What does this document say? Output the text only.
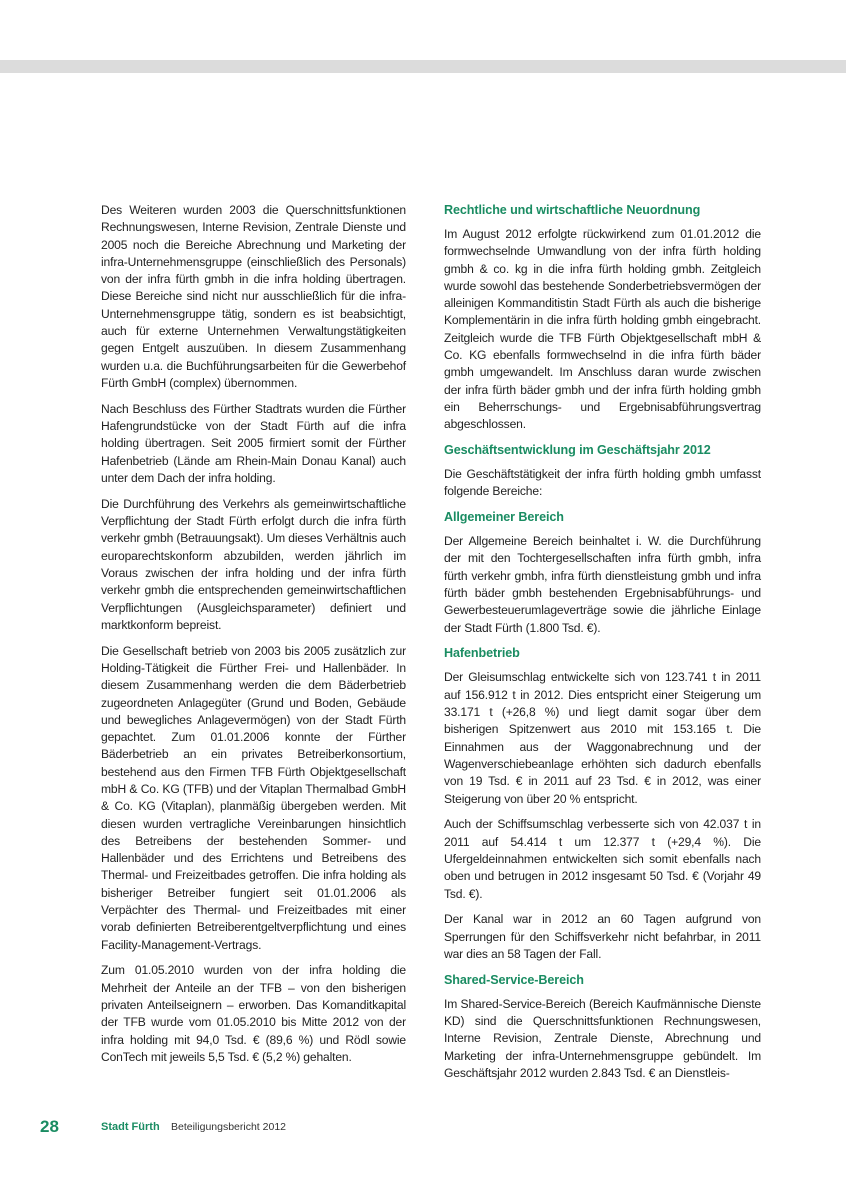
Des Weiteren wurden 2003 die Querschnittsfunktionen Rechnungswesen, Interne Revision, Zentrale Dienste und 2005 noch die Bereiche Abrechnung und Marketing der infra-Unternehmensgruppe (einschließlich des Personals) von der infra fürth gmbh in die infra holding übertragen. Diese Bereiche sind nicht nur ausschließlich für die infra-Unternehmensgruppe tätig, sondern es ist beabsichtigt, auch für externe Unternehmen Verwaltungstätigkeiten gegen Entgelt auszuüben. In diesem Zusammenhang wurden u.a. die Buchführungsarbeiten für die Gewerbehof Fürth GmbH (complex) übernommen.

Nach Beschluss des Fürther Stadtrats wurden die Fürther Hafengrundstücke von der Stadt Fürth auf die infra holding übertragen. Seit 2005 firmiert somit der Fürther Hafenbetrieb (Lände am Rhein-Main Donau Kanal) auch unter dem Dach der infra holding.

Die Durchführung des Verkehrs als gemeinwirtschaftliche Verpflichtung der Stadt Fürth erfolgt durch die infra fürth verkehr gmbh (Betrauungsakt). Um dieses Verhältnis auch europarechtskonform abzubilden, werden jährlich im Voraus zwischen der infra holding und der infra fürth verkehr gmbh die entsprechenden gemeinwirtschaftlichen Verpflichtungen (Ausgleichsparameter) definiert und marktkonform bepreist.

Die Gesellschaft betrieb von 2003 bis 2005 zusätzlich zur Holding-Tätigkeit die Fürther Frei- und Hallenbäder. In diesem Zusammenhang werden die dem Bäderbetrieb zugeordneten Anlagegüter (Grund und Boden, Gebäude und bewegliches Anlagevermögen) von der Stadt Fürth gepachtet. Zum 01.01.2006 konnte der Fürther Bäderbetrieb an ein privates Betreiberkonsortium, bestehend aus den Firmen TFB Fürth Objektgesellschaft mbH & Co. KG (TFB) und der Vitaplan Thermalbad GmbH & Co. KG (Vitaplan), planmäßig übergeben werden. Mit diesen wurden vertragliche Vereinbarungen hinsichtlich des Betreibens der bestehenden Sommer- und Hallenbäder und des Errichtens und Betreibens des Thermal- und Freizeitbades getroffen. Die infra holding als bisheriger Betreiber fungiert seit 01.01.2006 als Verpächter des Thermal- und Freizeitbades mit einer vorab definierten Betreiberentgeltverpflichtung und eines Facility-Management-Vertrags.

Zum 01.05.2010 wurden von der infra holding die Mehrheit der Anteile an der TFB – von den bisherigen privaten Anteilseignern – erworben. Das Komanditkapital der TFB wurde vom 01.05.2010 bis Mitte 2012 von der infra holding mit 94,0 Tsd. € (89,6 %) und Rödl sowie ConTech mit jeweils 5,5 Tsd. € (5,2 %) gehalten.

Rechtliche und wirtschaftliche Neuordnung

Im August 2012 erfolgte rückwirkend zum 01.01.2012 die formwechselnde Umwandlung von der infra fürth holding gmbh & co. kg in die infra fürth holding gmbh. Zeitgleich wurde sowohl das bestehende Sonderbetriebsvermögen der alleinigen Kommanditistin Stadt Fürth als auch die bisherige Komplementärin in die infra fürth holding gmbh eingebracht. Zeitgleich wurde die TFB Fürth Objektgesellschaft mbH & Co. KG ebenfalls formwechselnd in die infra fürth bäder gmbh umgewandelt. Im Anschluss daran wurde zwischen der infra fürth bäder gmbh und der infra fürth holding gmbh ein Beherrschungs- und Ergebnisabführungsvertrag abgeschlossen.

Geschäftsentwicklung im Geschäftsjahr 2012

Die Geschäftstätigkeit der infra fürth holding gmbh umfasst folgende Bereiche:

Allgemeiner Bereich

Der Allgemeine Bereich beinhaltet i. W. die Durchführung der mit den Tochtergesellschaften infra fürth gmbh, infra fürth verkehr gmbh, infra fürth dienstleistung gmbh und infra fürth bäder gmbh bestehenden Ergebnisabführungs- und Gewerbesteuerumlageverträge sowie die jährliche Einlage der Stadt Fürth (1.800 Tsd. €).

Hafenbetrieb

Der Gleisumschlag entwickelte sich von 123.741 t in 2011 auf 156.912 t in 2012. Dies entspricht einer Steigerung um 33.171 t (+26,8 %) und liegt damit sogar über dem bisherigen Spitzenwert aus 2010 mit 153.165 t. Die Einnahmen aus der Waggonabrechnung und der Wagenverschiebeanlage erhöhten sich dadurch ebenfalls von 19 Tsd. € in 2011 auf 23 Tsd. € in 2012, was einer Steigerung von über 20 % entspricht.

Auch der Schiffsumschlag verbesserte sich von 42.037 t in 2011 auf 54.414 t um 12.377 t (+29,4 %). Die Ufergeldeinnahmen entwickelten sich somit ebenfalls nach oben und betrugen in 2012 insgesamt 50 Tsd. € (Vorjahr 49 Tsd. €).

Der Kanal war in 2012 an 60 Tagen aufgrund von Sperrungen für den Schiffsverkehr nicht befahrbar, in 2011 war dies an 58 Tagen der Fall.

Shared-Service-Bereich

Im Shared-Service-Bereich (Bereich Kaufmännische Dienste KD) sind die Querschnittsfunktionen Rechnungswesen, Interne Revision, Zentrale Dienste, Abrechnung und Marketing der infra-Unternehmensgruppe gebündelt. Im Geschäftsjahr 2012 wurden 2.843 Tsd. € an Dienstleis-

28	Stadt Fürth Beteiligungsbericht 2012
